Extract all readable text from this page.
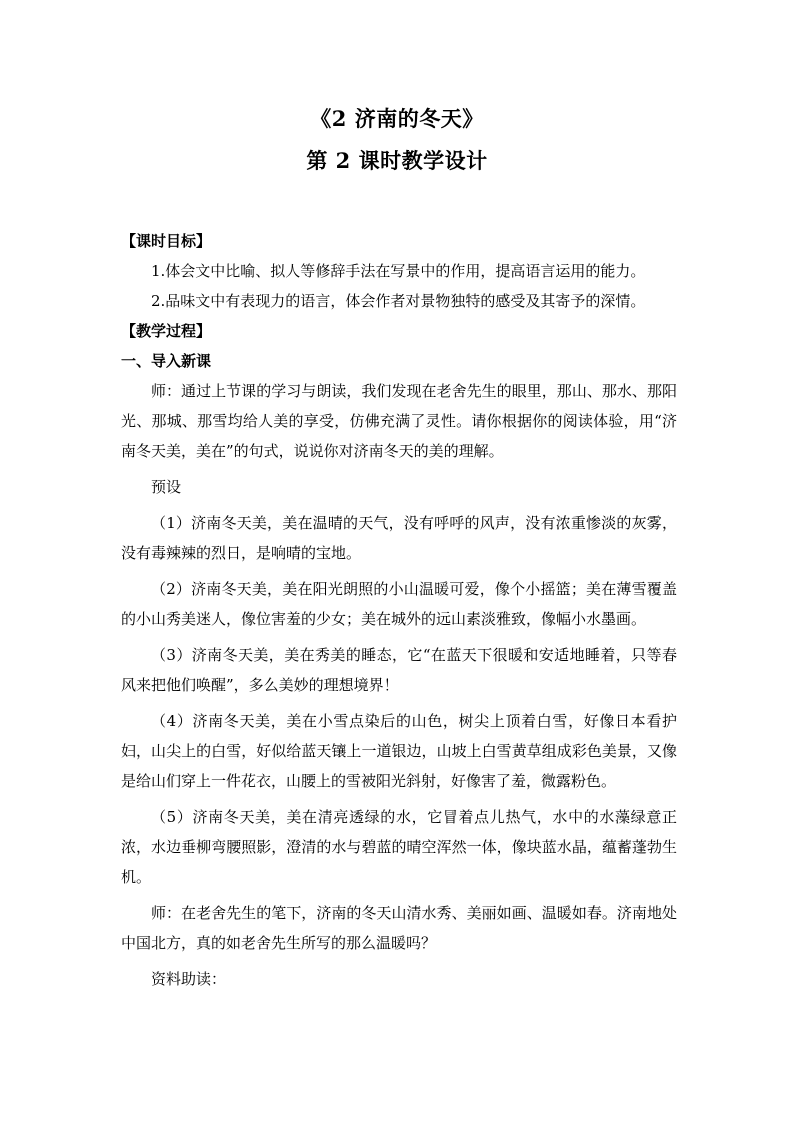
《2 济南的冬天》
第 2 课时教学设计

【课时目标】

1.体会文中比喻、拟人等修辞手法在写景中的作用，提高语言运用的能力。

2.品味文中有表现力的语言，体会作者对景物独特的感受及其寄予的深情。

【教学过程】

一、导入新课

师：通过上节课的学习与朗读，我们发现在老舍先生的眼里，那山、那水、那阳光、那城、那雪均给人美的享受，仿佛充满了灵性。请你根据你的阅读体验，用“济南冬天美，美在”的句式，说说你对济南冬天的美的理解。

预设

（1）济南冬天美，美在温晴的天气，没有呼呼的风声，没有浓重惨淡的灰雾，没有毒辣辣的烈日，是响晴的宝地。

（2）济南冬天美，美在阳光朗照的小山温暖可爱，像个小摇篮；美在薄雪覆盖的小山秀美迷人，像位害羞的少女；美在城外的远山素淡雅致，像幅小水墨画。

（3）济南冬天美，美在秀美的睡态，它“在蓝天下很暖和安适地睡着，只等春风来把他们唤醒”，多么美妙的理想境界！

（4）济南冬天美，美在小雪点染后的山色，树尖上顶着白雪，好像日本看护妇，山尖上的白雪，好似给蓝天镶上一道银边，山坡上白雪黄草组成彩色美景，又像是给山们穿上一件花衣，山腰上的雪被阳光斜射，好像害了羞，微露粉色。

（5）济南冬天美，美在清亮透绿的水，它冒着点儿热气，水中的水藻绿意正浓，水边垂柳弯腰照影，澄清的水与碧蓝的晴空浑然一体，像块蓝水晶，蕴蓄蓬勃生机。

师：在老舍先生的笔下，济南的冬天山清水秀、美丽如画、温暖如春。济南地处中国北方，真的如老舍先生所写的那么温暖吗？

资料助读：
